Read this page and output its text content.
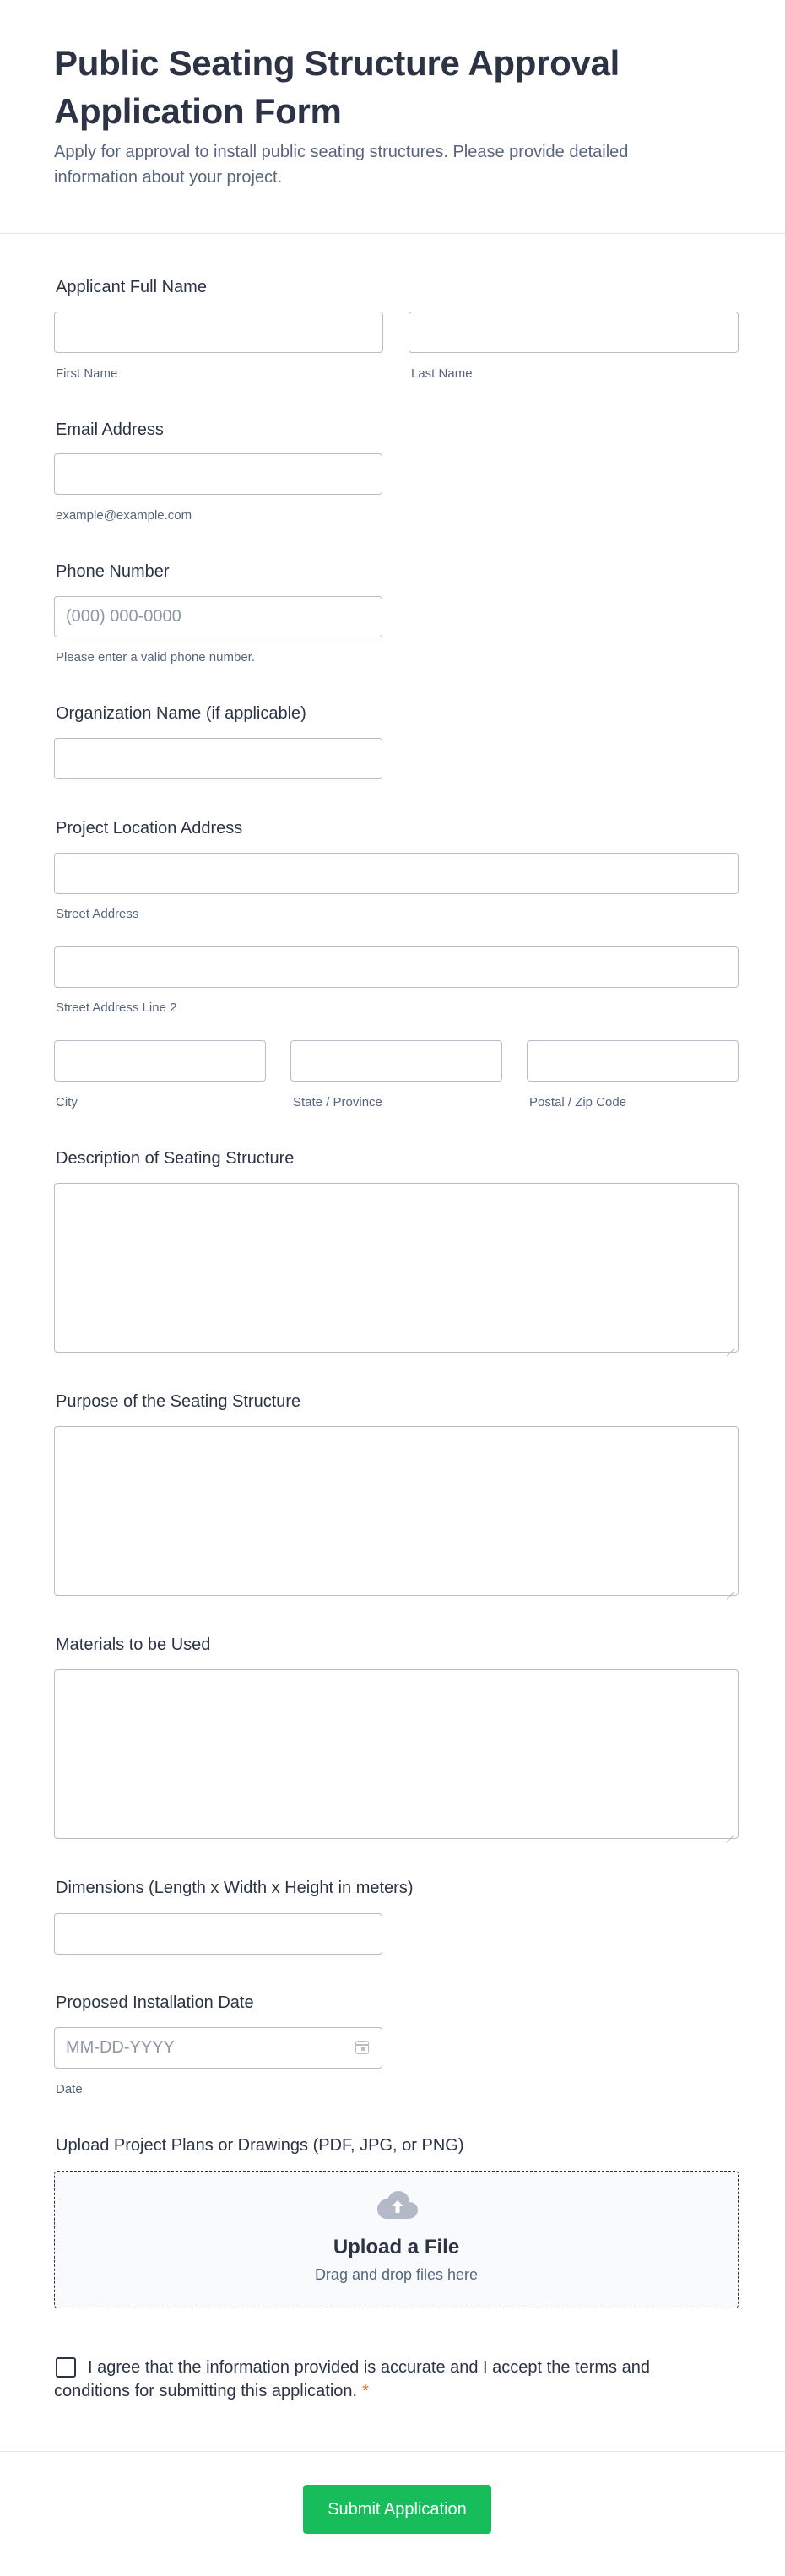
Public Seating Structure Approval Application Form

Apply for approval to install public seating structures. Please provide detailed information about your project.

Applicant Full Name
First Name	Last Name
Email Address
example@example.com
Phone Number
(000) 000-0000
Please enter a valid phone number.
Organization Name (if applicable)
Project Location Address
Street Address
Street Address Line 2
City	State / Province	Postal / Zip Code
Description of Seating Structure
Purpose of the Seating Structure
Materials to be Used
Dimensions (Length x Width x Height in meters)
Proposed Installation Date
MM-DD-YYYY
Date
Upload Project Plans or Drawings (PDF, JPG, or PNG)
Upload a File
Drag and drop files here

I agree that the information provided is accurate and I accept the terms and conditions for submitting this application. *

Submit Application
